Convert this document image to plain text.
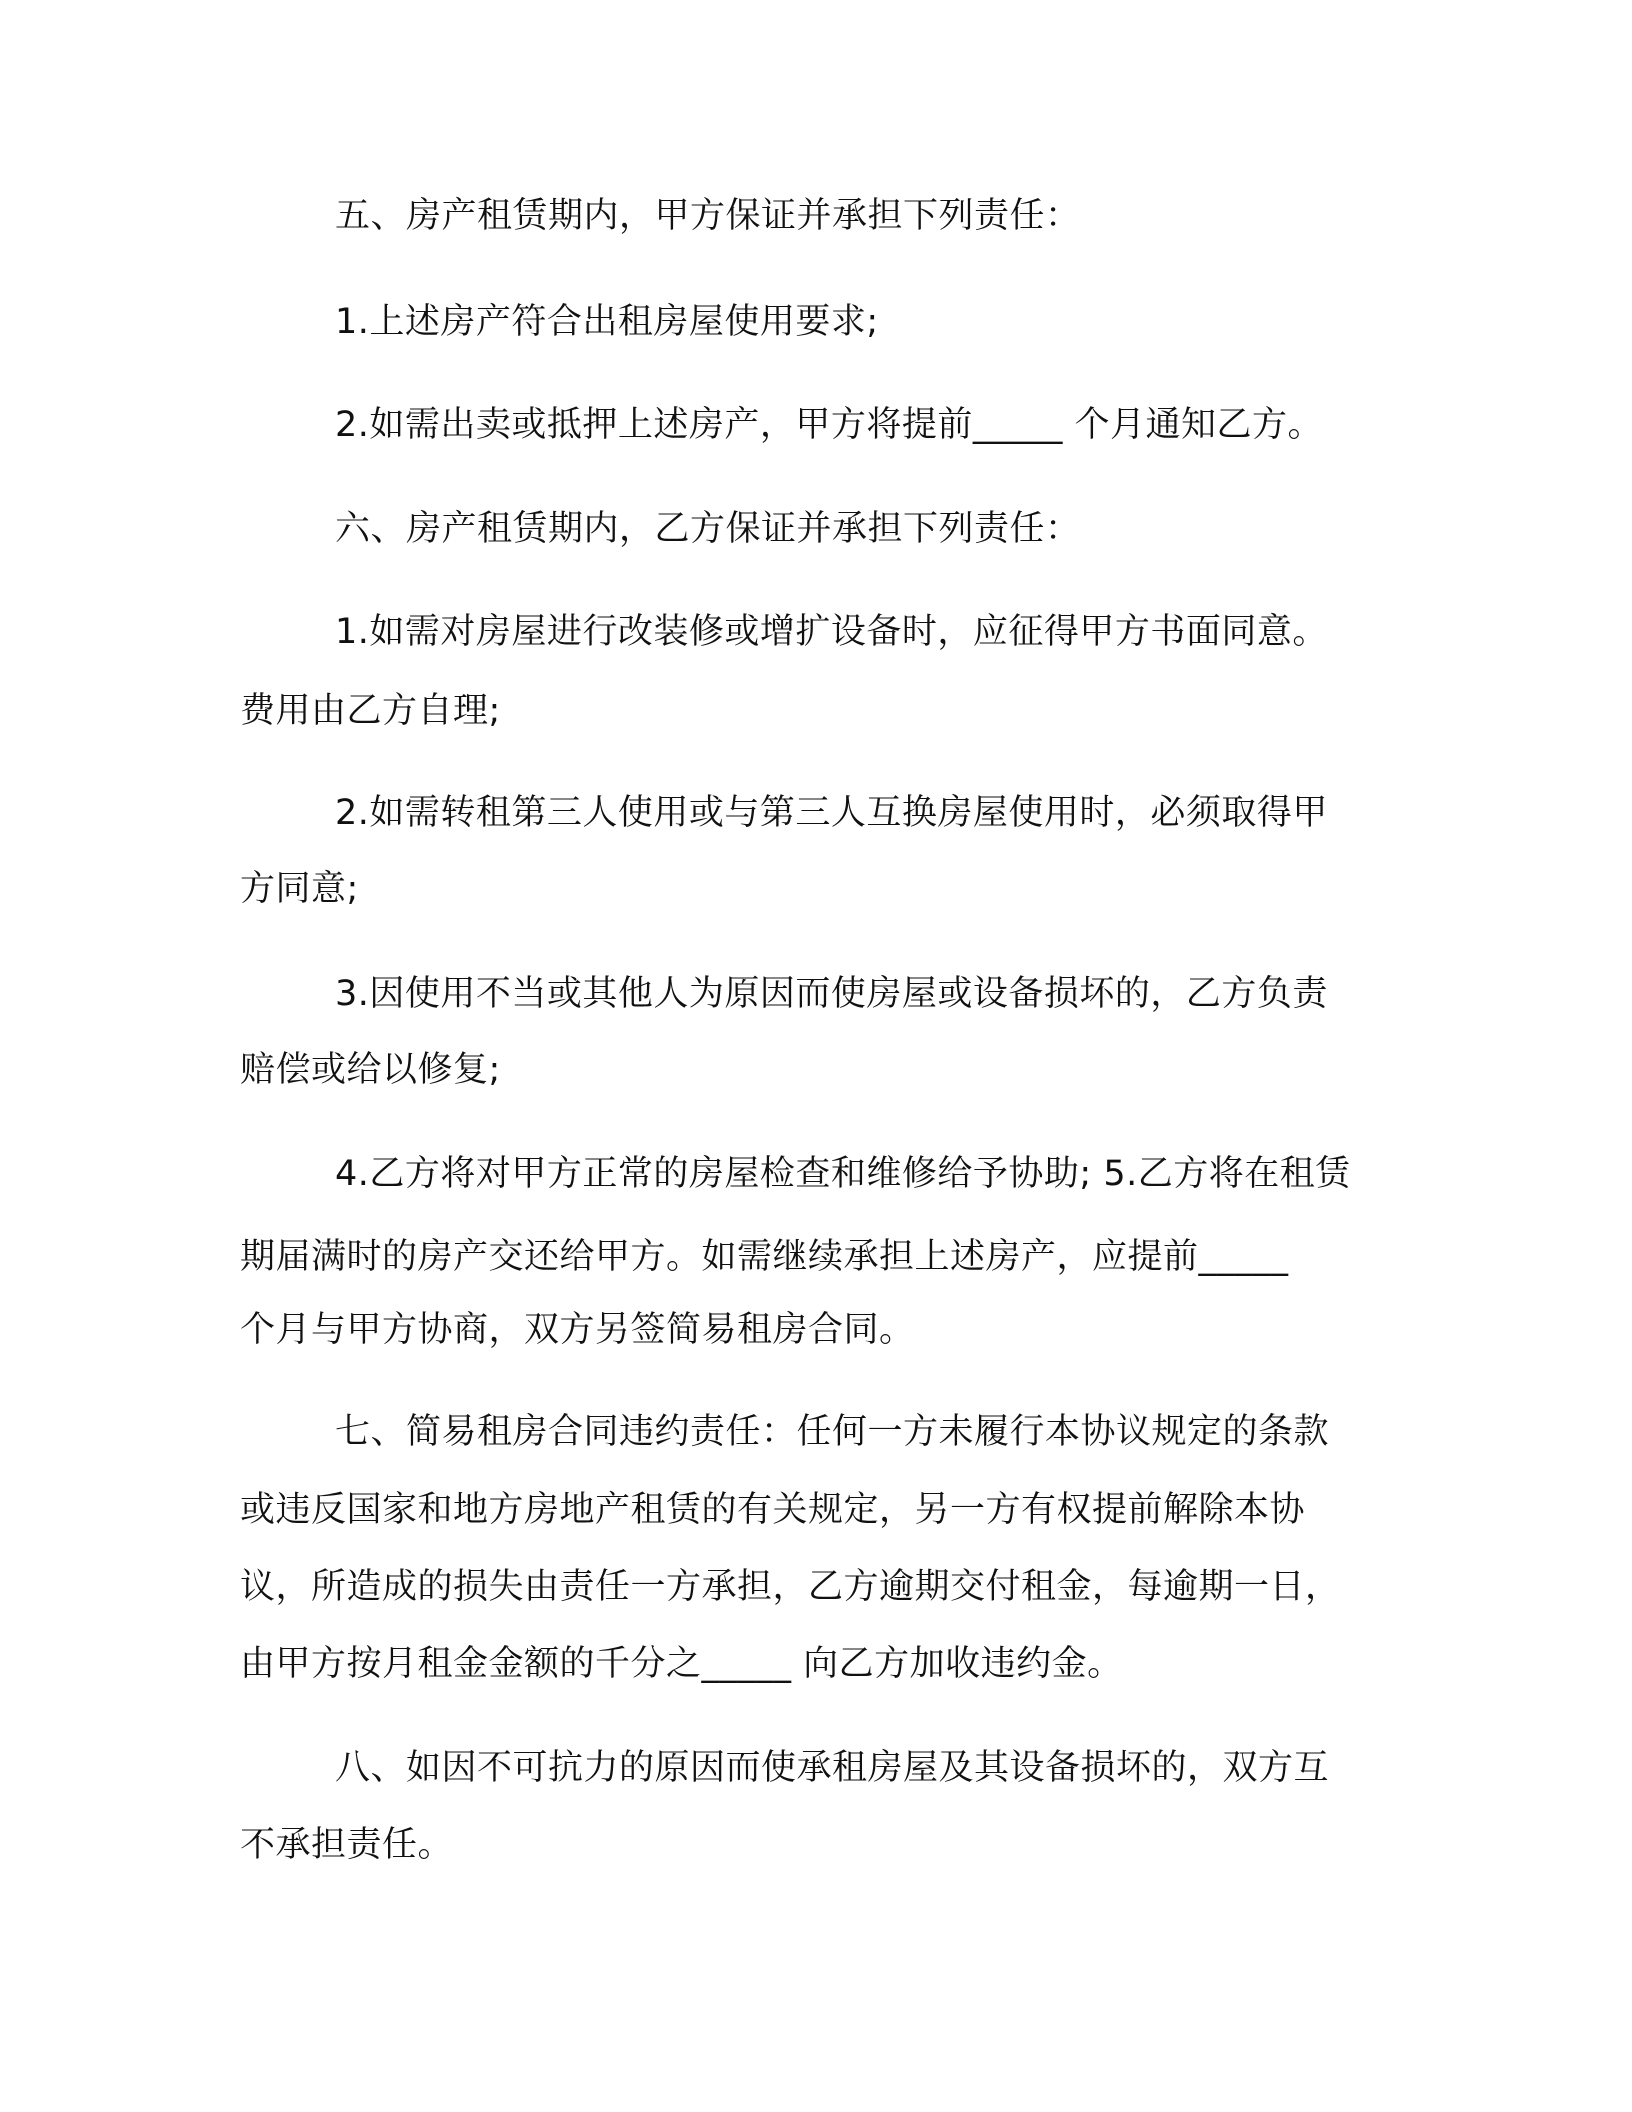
五、房产租赁期内，甲方保证并承担下列责任：
1.上述房产符合出租房屋使用要求;
2.如需出卖或抵押上述房产，甲方将提前_____ 个月通知乙方。
六、房产租赁期内，乙方保证并承担下列责任：
1.如需对房屋进行改装修或增扩设备时，应征得甲方书面同意。
费用由乙方自理;
2.如需转租第三人使用或与第三人互换房屋使用时，必须取得甲
方同意;
3.因使用不当或其他人为原因而使房屋或设备损坏的，乙方负责
赔偿或给以修复;
4.乙方将对甲方正常的房屋检查和维修给予协助; 5.乙方将在租赁
期届满时的房产交还给甲方。如需继续承担上述房产，应提前_____
个月与甲方协商，双方另签简易租房合同。
七、简易租房合同违约责任：任何一方未履行本协议规定的条款
或违反国家和地方房地产租赁的有关规定，另一方有权提前解除本协
议，所造成的损失由责任一方承担，乙方逾期交付租金，每逾期一日，
由甲方按月租金金额的千分之_____ 向乙方加收违约金。
八、如因不可抗力的原因而使承租房屋及其设备损坏的，双方互
不承担责任。
